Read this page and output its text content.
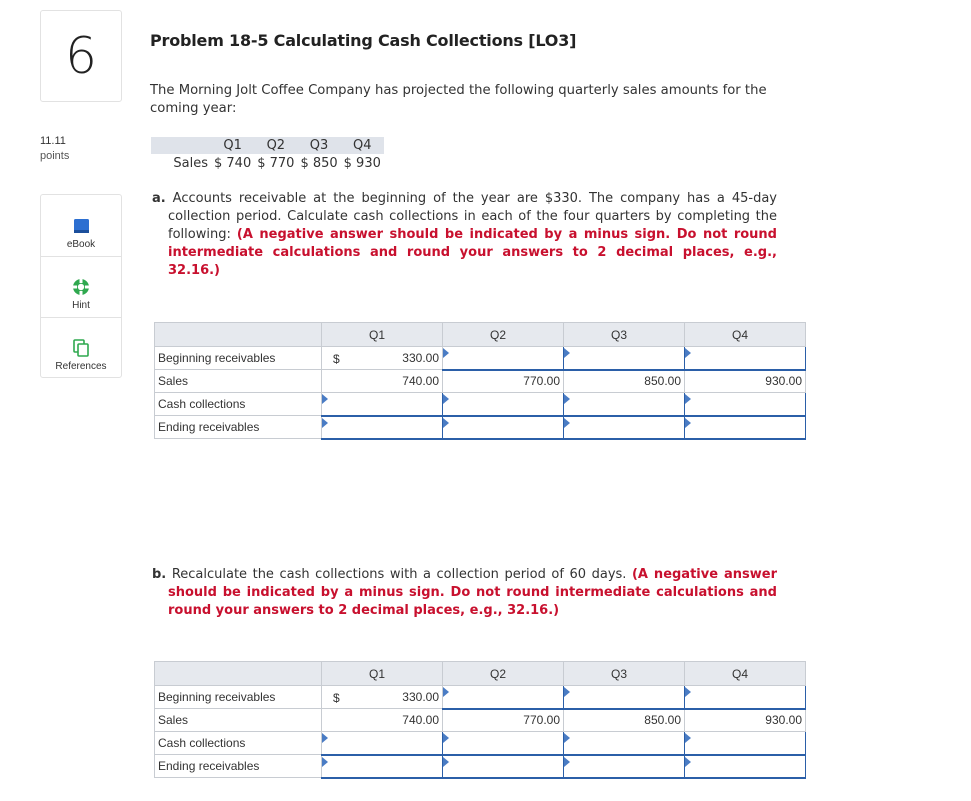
6
11.11
points
eBook
Hint
References
Problem 18-5 Calculating Cash Collections [LO3]
The Morning Jolt Coffee Company has projected the following quarterly sales amounts for the coming year:
	Q1	Q2	Q3	Q4
Sales	$ 740	$ 770	$ 850	$ 930
a. Accounts receivable at the beginning of the year are $330. The company has a 45-day collection period. Calculate cash collections in each of the four quarters by completing the following: (A negative answer should be indicated by a minus sign. Do not round intermediate calculations and round your answers to 2 decimal places, e.g., 32.16.)
	Q1	Q2	Q3	Q4
Beginning receivables	$ 330.00	

Sales	740.00	770.00	850.00	930.00
Cash collections	

Ending receivables	

b. Recalculate the cash collections with a collection period of 60 days. (A negative answer should be indicated by a minus sign. Do not round intermediate calculations and round your answers to 2 decimal places, e.g., 32.16.)
	Q1	Q2	Q3	Q4
Beginning receivables	$ 330.00	

Sales	740.00	770.00	850.00	930.00
Cash collections	

Ending receivables	
